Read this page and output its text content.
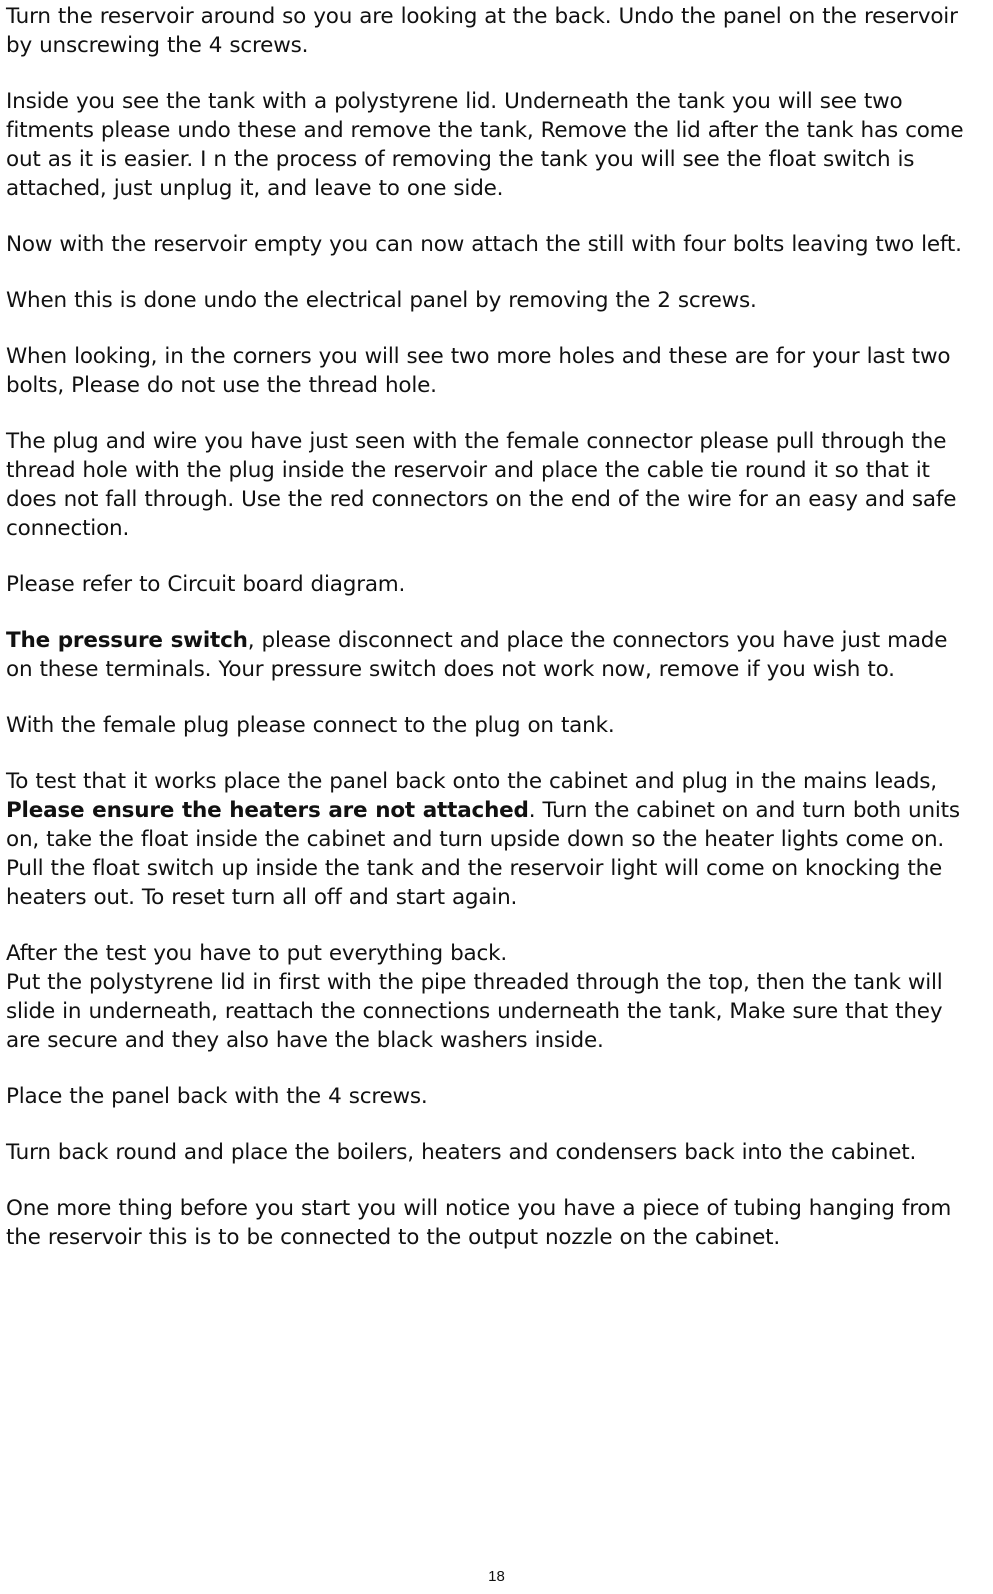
Turn the reservoir around so you are looking at the back. Undo the panel on the reservoir by unscrewing the 4 screws.

Inside you see the tank with a polystyrene lid. Underneath the tank you will see two fitments please undo these and remove the tank, Remove the lid after the tank has come out as it is easier. I n the process of removing the tank you will see the float switch is attached, just unplug it, and leave to one side.

Now with the reservoir empty you can now attach the still with four bolts leaving two left.

When this is done undo the electrical panel by removing the 2 screws.

When looking, in the corners you will see two more holes and these are for your last two bolts, Please do not use the thread hole.

The plug and wire you have just seen with the female connector please pull through the thread hole with the plug inside the reservoir and place the cable tie round it so that it does not fall through. Use the red connectors on the end of the wire for an easy and safe connection.

Please refer to Circuit board diagram.

The pressure switch, please disconnect and place the connectors you have just made on these terminals. Your pressure switch does not work now, remove if you wish to.

With the female plug please connect to the plug on tank.

To test that it works place the panel back onto the cabinet and plug in the mains leads, Please ensure the heaters are not attached. Turn the cabinet on and turn both units on, take the float inside the cabinet and turn upside down so the heater lights come on. Pull the float switch up inside the tank and the reservoir light will come on knocking the heaters out. To reset turn all off and start again.

After the test you have to put everything back.

Put the polystyrene lid in first with the pipe threaded through the top, then the tank will slide in underneath, reattach the connections underneath the tank, Make sure that they are secure and they also have the black washers inside.

Place the panel back with the 4 screws.

Turn back round and place the boilers, heaters and condensers back into the cabinet.

One more thing before you start you will notice you have a piece of tubing hanging from the reservoir this is to be connected to the output nozzle on the cabinet.

18
